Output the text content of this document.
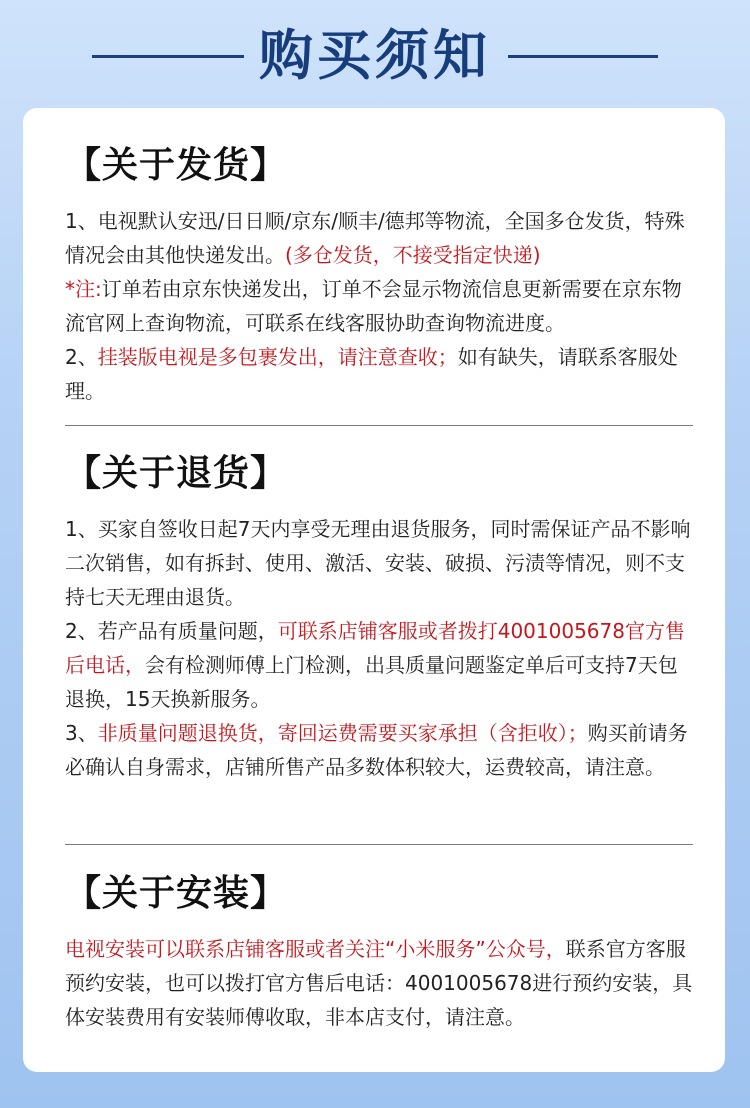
购买须知

【关于发货】

1、电视默认安迅/日日顺/京东/顺丰/德邦等物流，全国多仓发货，特殊情况会由其他快递发出。(多仓发货，不接受指定快递)

*注:订单若由京东快递发出，订单不会显示物流信息更新需要在京东物流官网上查询物流，可联系在线客服协助查询物流进度。

2、挂装版电视是多包裹发出，请注意查收；如有缺失，请联系客服处理。

【关于退货】

1、买家自签收日起7天内享受无理由退货服务，同时需保证产品不影响二次销售，如有拆封、使用、激活、安装、破损、污渍等情况，则不支持七天无理由退货。

2、若产品有质量问题，可联系店铺客服或者拨打4001005678官方售后电话，会有检测师傅上门检测，出具质量问题鉴定单后可支持7天包退换，15天换新服务。

3、非质量问题退换货，寄回运费需要买家承担（含拒收）；购买前请务必确认自身需求，店铺所售产品多数体积较大，运费较高，请注意。

【关于安装】

电视安装可以联系店铺客服或者关注“小米服务”公众号，联系官方客服预约安装，也可以拨打官方售后电话：4001005678进行预约安装，具体安装费用有安装师傅收取，非本店支付，请注意。
